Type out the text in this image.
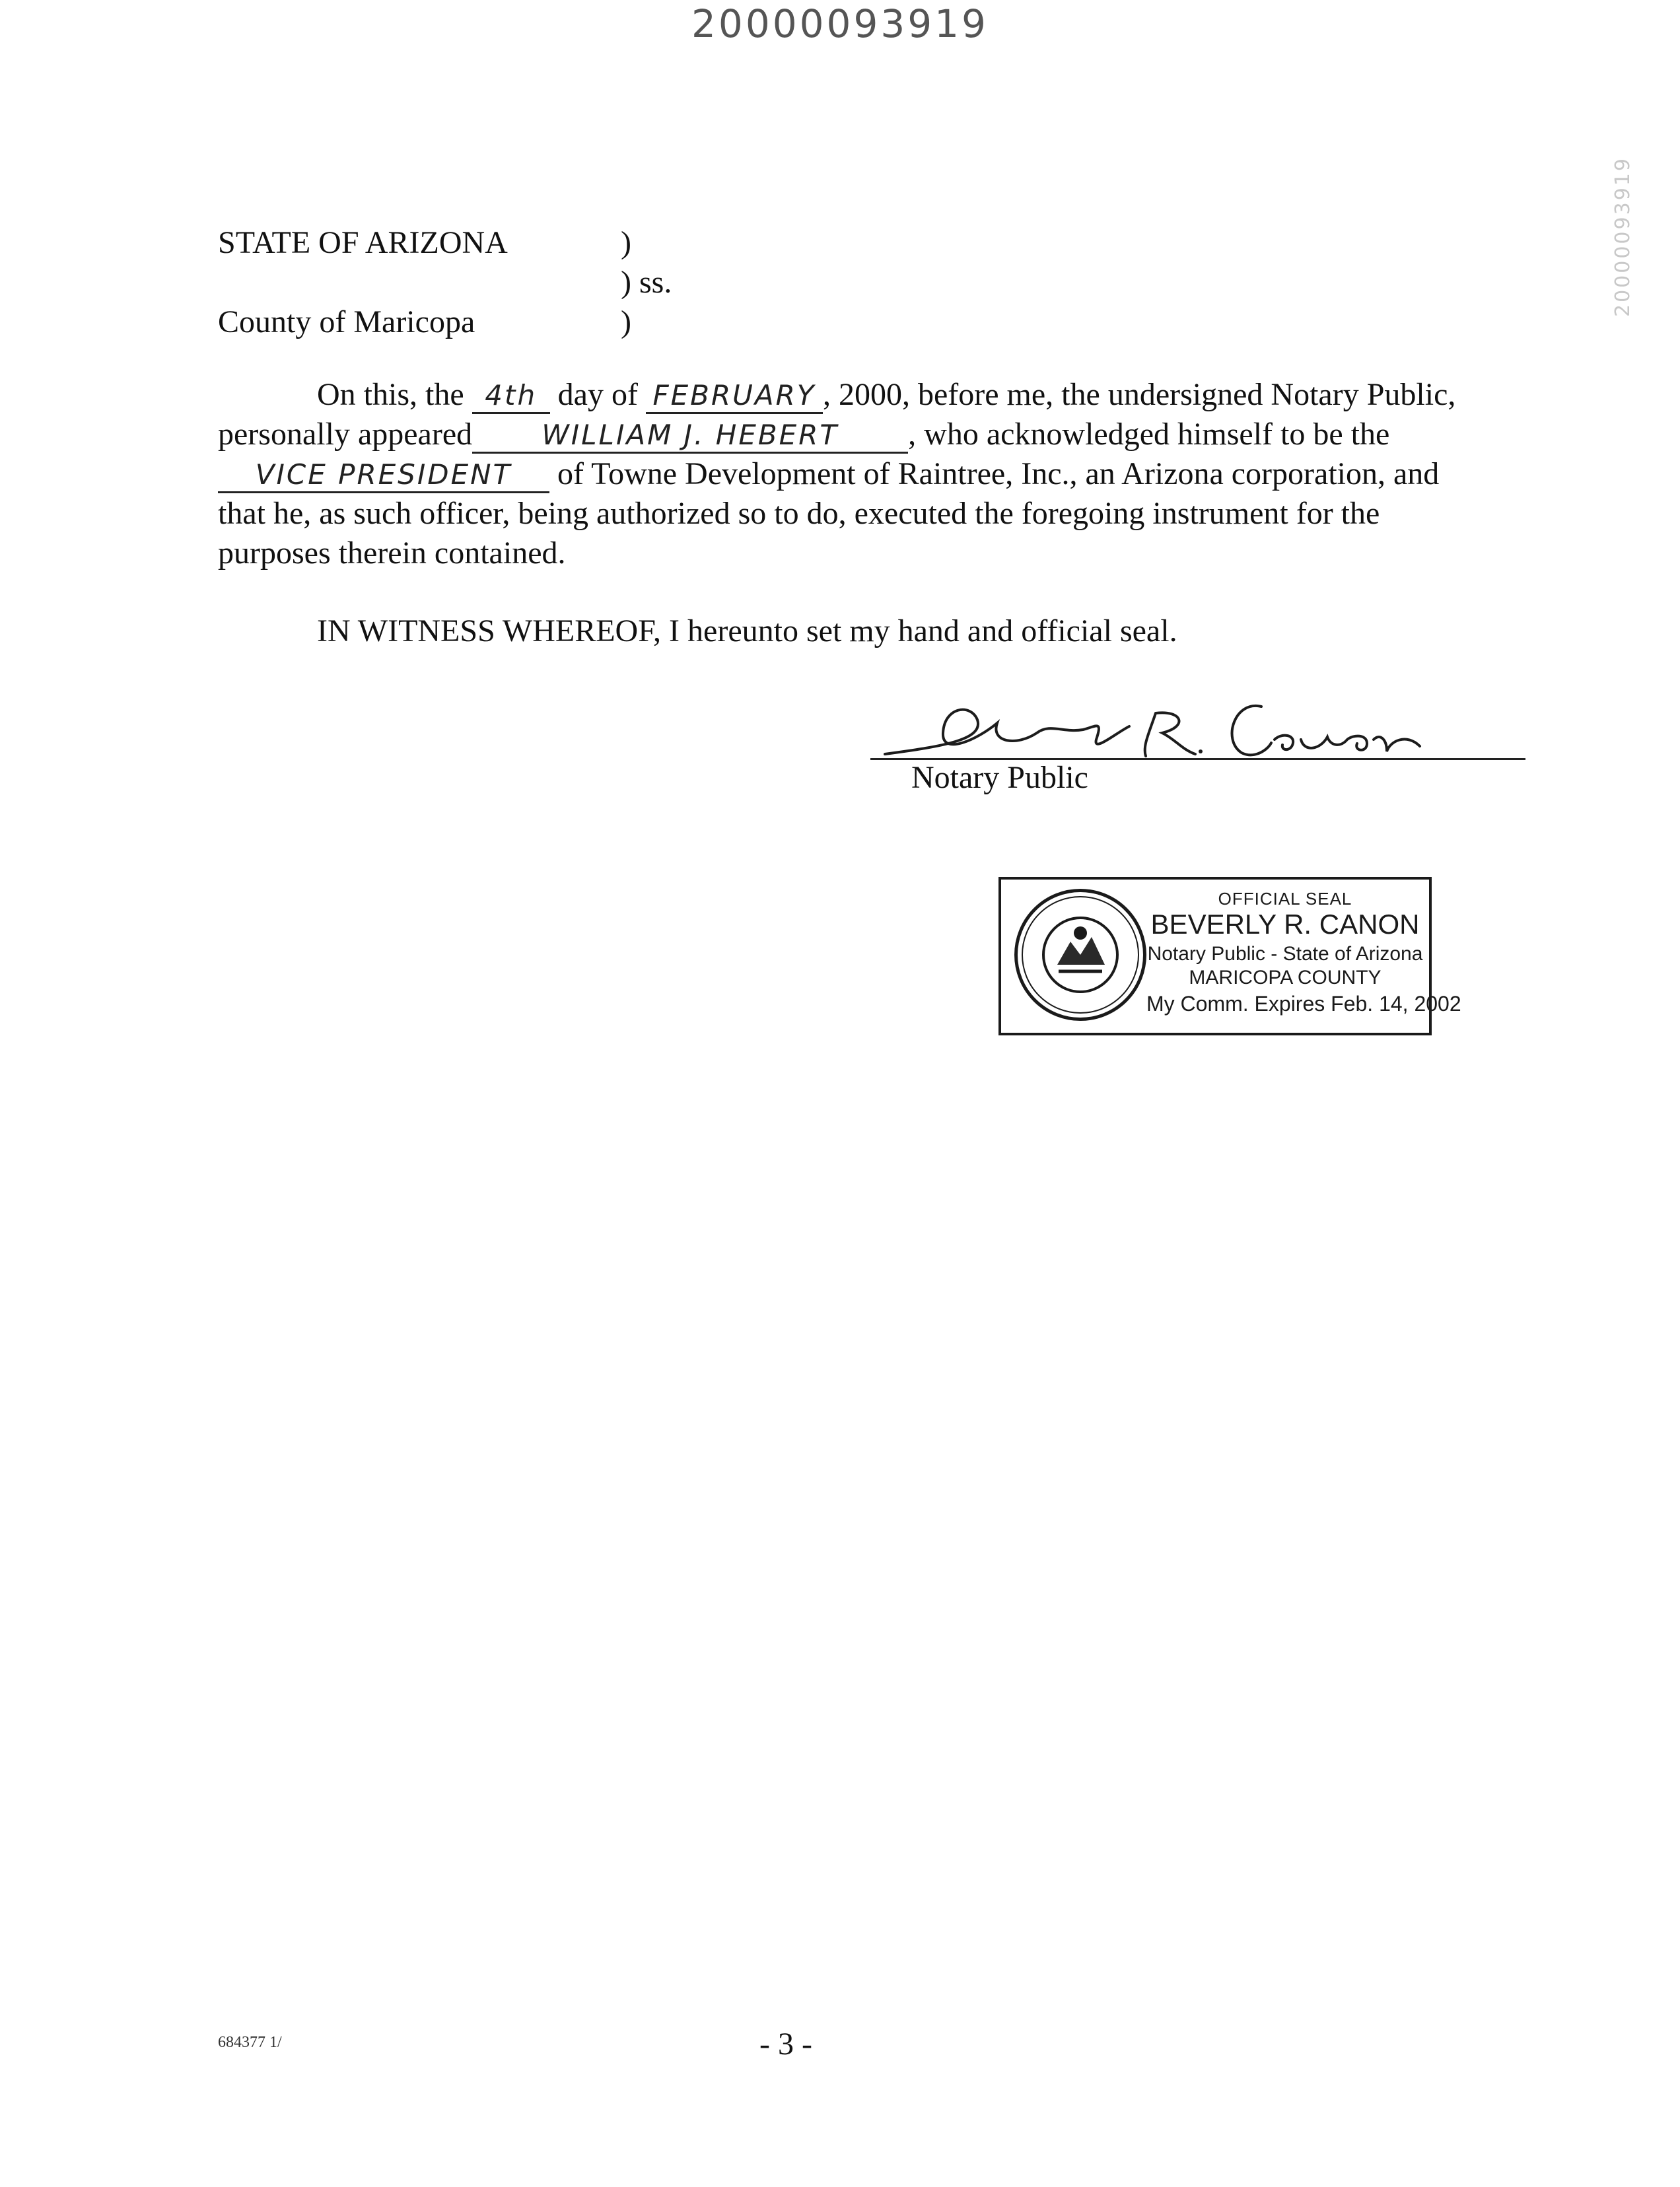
20000093919
20000093919
STATE OF ARIZONA	)
) ss.
County of Maricopa	)
On this, the 4th day of FEBRUARY , 2000, before me, the undersigned Notary Public,
personally appeared	WILLIAM J. HEBERT , who acknowledged himself to be the
VICE PRESIDENT of Towne Development of Raintree, Inc., an Arizona corporation, and
that he, as such officer, being authorized so to do, executed the foregoing instrument for the
purposes therein contained.
IN WITNESS WHEREOF, I hereunto set my hand and official seal.
Notary Public
OFFICIAL SEAL
BEVERLY R. CANON
Notary Public - State of Arizona
MARICOPA COUNTY
My Comm. Expires Feb. 14, 2002
684377 1/	- 3 -
